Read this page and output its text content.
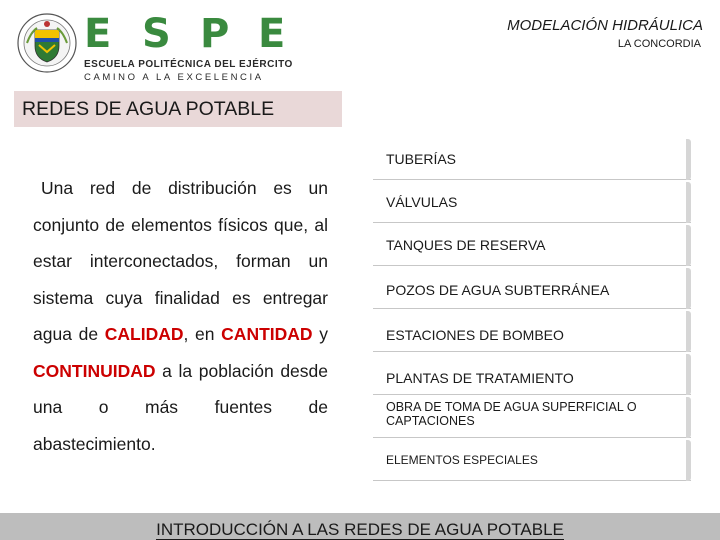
E S P E
ESCUELA POLITÉCNICA DEL EJÉRCITO
CAMINO A LA EXCELENCIA
MODELACIÓN HIDRÁULICA
LA CONCORDIA
REDES DE AGUA POTABLE
Una red de distribución es un conjunto de elementos físicos que, al estar interconectados, forman un sistema cuya finalidad es entregar agua de CALIDAD, en CANTIDAD y CONTINUIDAD a la población desde una o más fuentes de abastecimiento.
TUBERÍAS
VÁLVULAS
TANQUES DE RESERVA
POZOS DE AGUA SUBTERRÁNEA
ESTACIONES DE BOMBEO
PLANTAS DE TRATAMIENTO
OBRA DE TOMA DE AGUA SUPERFICIAL O CAPTACIONES
ELEMENTOS ESPECIALES
INTRODUCCIÓN A LAS REDES DE AGUA POTABLE
